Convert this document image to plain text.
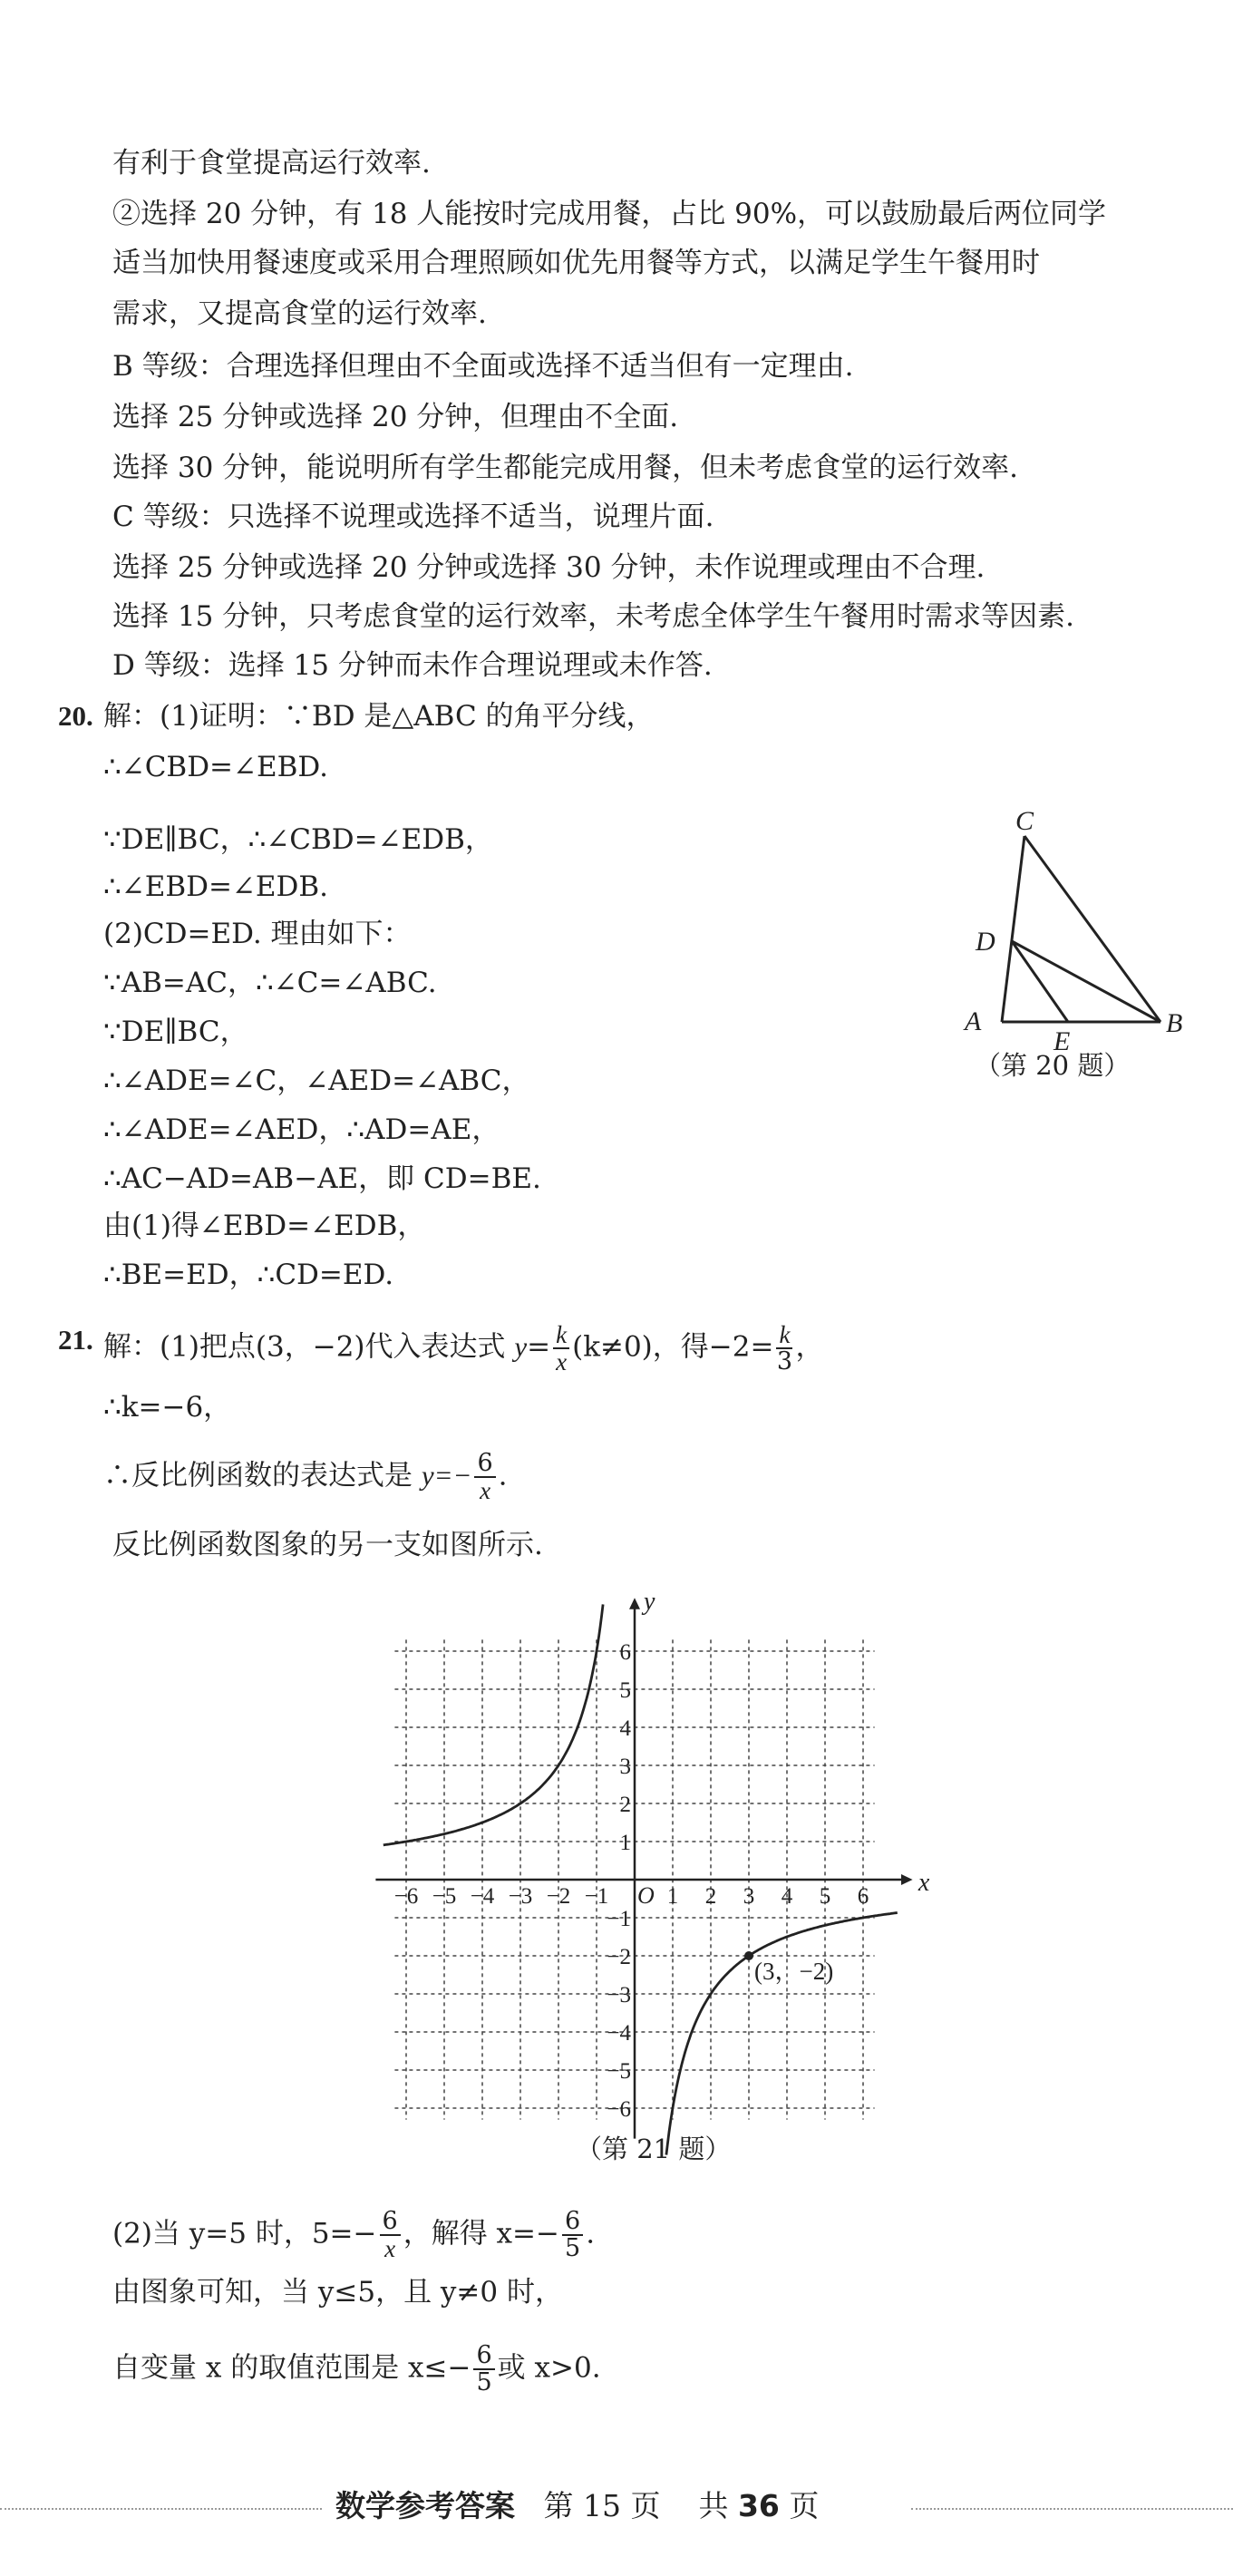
有利于食堂提高运行效率.
②选择 20 分钟，有 18 人能按时完成用餐，占比 90%，可以鼓励最后两位同学
适当加快用餐速度或采用合理照顾如优先用餐等方式，以满足学生午餐用时
需求，又提高食堂的运行效率.
B 等级：合理选择但理由不全面或选择不适当但有一定理由.
选择 25 分钟或选择 20 分钟，但理由不全面.
选择 30 分钟，能说明所有学生都能完成用餐，但未考虑食堂的运行效率.
C 等级：只选择不说理或选择不适当，说理片面.
选择 25 分钟或选择 20 分钟或选择 30 分钟，未作说理或理由不合理.
选择 15 分钟，只考虑食堂的运行效率，未考虑全体学生午餐用时需求等因素.
D 等级：选择 15 分钟而未作合理说理或未作答.
20. 解：(1)证明：∵BD 是△ABC 的角平分线，
∴∠CBD=∠EBD.
∵DE∥BC，∴∠CBD=∠EDB，
∴∠EBD=∠EDB.
(2)CD=ED. 理由如下：
∵AB=AC，∴∠C=∠ABC.
∵DE∥BC，
∴∠ADE=∠C，∠AED=∠ABC，
∴∠ADE=∠AED，∴AD=AE，
∴AC−AD=AB−AE，即 CD=BE.
由(1)得∠EBD=∠EDB，
∴BE=ED，∴CD=ED.
C
D
A
E
B
（第 20 题）
21. 解：(1)把点(3，−2)代入表达式 $y= \frac{k}{x} (k\ne 0)$，得$-2= \frac{k}{3}$ ，
∴k=−6，
∴反比例函数的表达式是 $y=- \frac{6}{x}$ .
反比例函数图象的另一支如图所示.
x
y
O
−6 −5 −4 −3 −2 −1	1 2 3 4 5 6
6
5
4
3
2
1
−1
−2
−3
−4
−5
−6
(3，−2)
（第 21 题）
(2)当 y=5 时，$5=- \frac{6}{x}$ ，解得 $x=- \frac{6}{5}$ .
由图象可知，当 y≤5，且 y≠0 时，
自变量 x 的取值范围是 $x\le- \frac{6}{5}$ 或 x>0.
数学参考答案 第 15 页 共 36 页
